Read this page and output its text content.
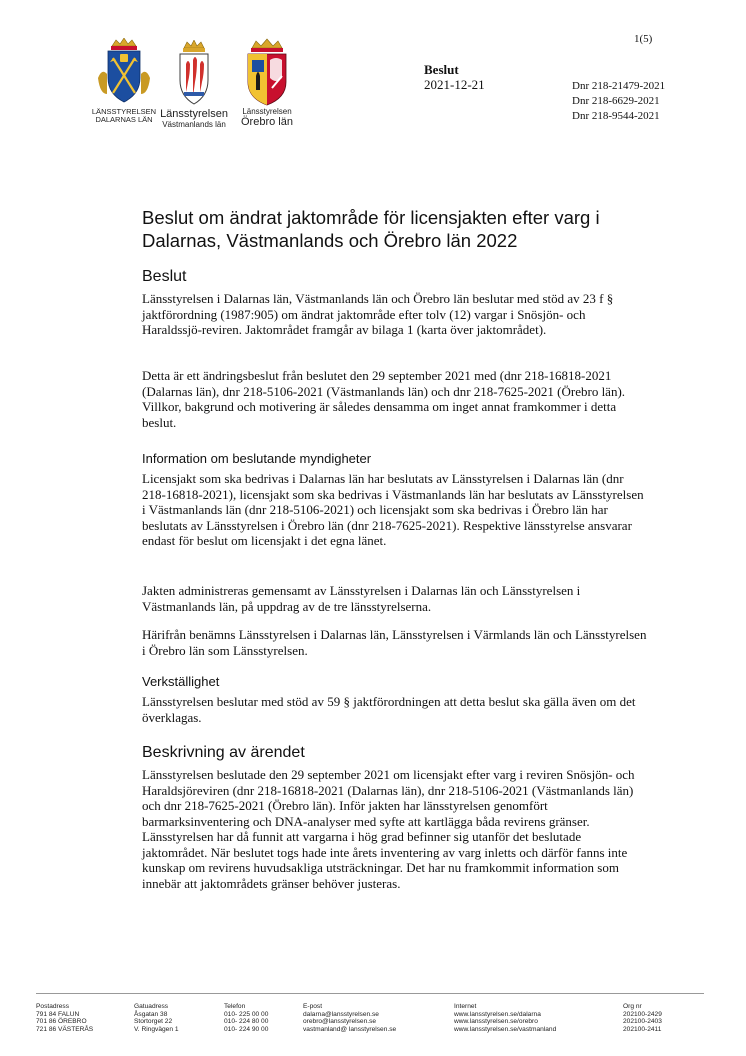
1(5)
LÄNSSTYRELSEN
DALARNAS LÄN Länsstyrelsen
Västmanlands län
Länsstyrelsen
Örebro län
Beslut
2021-12-21	Dnr 218-21479-2021
Dnr 218-6629-2021
Dnr 218-9544-2021
Beslut om ändrat jaktområde för licensjakten efter varg i Dalarnas, Västmanlands och Örebro län 2022
Beslut

Länsstyrelsen i Dalarnas län, Västmanlands län och Örebro län beslutar med stöd av 23 f § jaktförordning (1987:905) om ändrat jaktområde efter tolv (12) vargar i Snösjön- och Haraldssjö-reviren. Jaktområdet framgår av bilaga 1 (karta över jaktområdet).

Detta är ett ändringsbeslut från beslutet den 29 september 2021 med (dnr 218-16818-2021 (Dalarnas län), dnr 218-5106-2021 (Västmanlands län) och dnr 218-7625-2021 (Örebro län). Villkor, bakgrund och motivering är således densamma om inget annat framkommer i detta beslut.

Information om beslutande myndigheter

Licensjakt som ska bedrivas i Dalarnas län har beslutats av Länsstyrelsen i Dalarnas län (dnr 218-16818-2021), licensjakt som ska bedrivas i Västmanlands län har beslutats av Länsstyrelsen i Västmanlands län (dnr 218-5106-2021) och licensjakt som ska bedrivas i Örebro län har beslutats av Länsstyrelsen i Örebro län (dnr 218-7625-2021). Respektive länsstyrelse ansvarar endast för beslut om licensjakt i det egna länet.

Jakten administreras gemensamt av Länsstyrelsen i Dalarnas län och Länsstyrelsen i Västmanlands län, på uppdrag av de tre länsstyrelserna.

Härifrån benämns Länsstyrelsen i Dalarnas län, Länsstyrelsen i Värmlands län och Länsstyrelsen i Örebro län som Länsstyrelsen.

Verkställighet

Länsstyrelsen beslutar med stöd av 59 § jaktförordningen att detta beslut ska gälla även om det överklagas.

Beskrivning av ärendet

Länsstyrelsen beslutade den 29 september 2021 om licensjakt efter varg i reviren Snösjön- och Haraldsjöreviren (dnr 218-16818-2021 (Dalarnas län), dnr 218-5106-2021 (Västmanlands län) och dnr 218-7625-2021 (Örebro län). Inför jakten har länsstyrelsen genomfört barmarksinventering och DNA-analyser med syfte att kartlägga båda revirens gränser. Länsstyrelsen har då funnit att vargarna i hög grad befinner sig utanför det beslutade jaktområdet. När beslutet togs hade inte årets inventering av varg inletts och därför fanns inte kunskap om revirens huvudsakliga utsträckningar. Det har nu framkommit information som innebär att jaktområdets gränser behöver justeras.

Postadress
791 84 FALUN
701 86 ÖREBRO
721 86 VÄSTERÅS
Gatuadress
Åsgatan 38
Stortorget 22
V. Ringvägen 1
Telefon
010- 225 00 00
010- 224 80 00
010- 224 90 00
E-post
dalarna@lansstyrelsen.se
orebro@lansstyrelsen.se
vastmanland@ lansstyrelsen.se
Internet
www.lansstyrelsen.se/dalarna
www.lansstyrelsen.se/orebro
www.lansstyrelsen.se/vastmanland
Org nr
202100-2429
202100-2403
202100-2411
